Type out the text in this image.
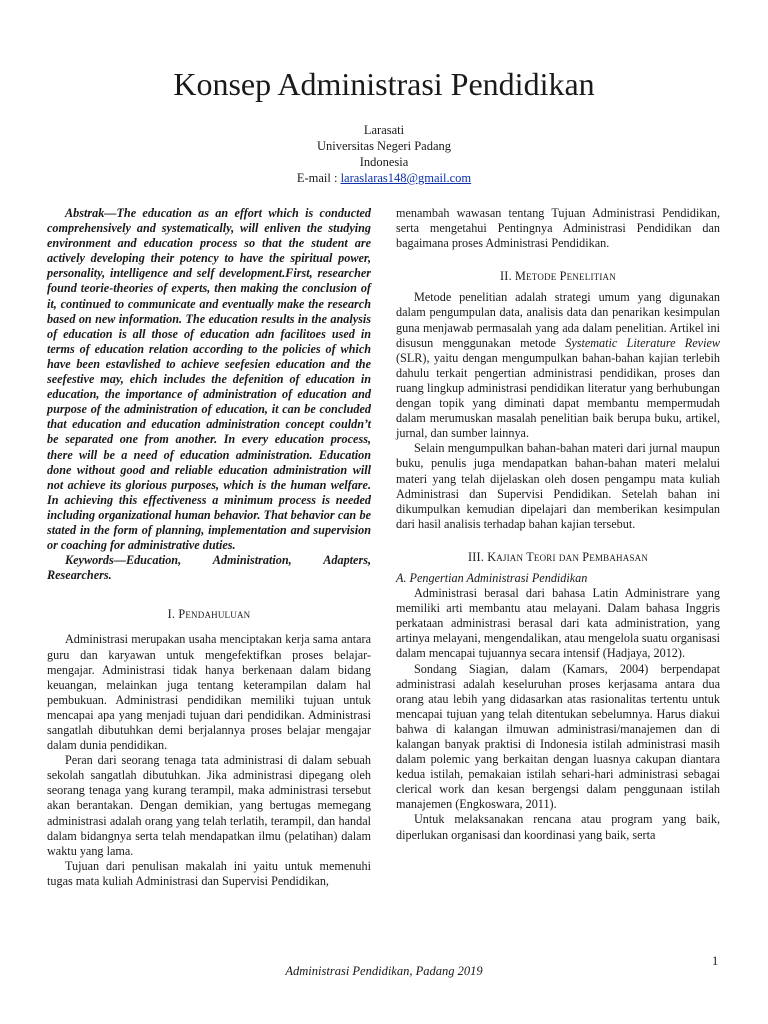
Konsep Administrasi Pendidikan
Larasati
Universitas Negeri Padang
Indonesia
E-mail : laraslaras148@gmail.com

Abstrak—The education as an effort which is conducted comprehensively and systematically, will enliven the studying environment and education process so that the student are actively developing their potency to have the spiritual power, personality, intelligence and self development.First, researcher found teorie-theories of experts, then making the conclusion of it, continued to communicate and eventually make the research based on new information. The education results in the analysis of education is all those of education adn facilitoes used in terms of education relation according to the policies of which have been estavlished to achieve seefesien education and the seefestive may, ehich includes the defenition of education in education, the importance of administration of education and purpose of the administration of education, it can be concluded that education and education administration concept couldn’t be separated one from another. In every education process, there will be a need of education administration. Education done without good and reliable education administration will not achieve its glorious purposes, which is the human welfare. In achieving this effectiveness a minimum process is needed including organizational human behavior. That behavior can be stated in the form of planning, implementation and supervision or coaching for administrative duties.

Keywords—Education, Administration, Adapters, Researchers.

I. Pendahuluan

Administrasi merupakan usaha menciptakan kerja sama antara guru dan karyawan untuk mengefektifkan proses belajar-mengajar. Administrasi tidak hanya berkenaan dalam bidang keuangan, melainkan juga tentang keterampilan dalam hal pembukuan. Administrasi pendidikan memiliki tujuan untuk mencapai apa yang menjadi tujuan dari pendidikan. Administrasi sangatlah dibutuhkan demi berjalannya proses belajar mengajar dalam dunia pendidikan.

Peran dari seorang tenaga tata administrasi di dalam sebuah sekolah sangatlah dibutuhkan. Jika administrasi dipegang oleh seorang tenaga yang kurang terampil, maka administrasi tersebut akan berantakan. Dengan demikian, yang bertugas memegang administrasi adalah orang yang telah terlatih, terampil, dan handal dalam bidangnya serta telah mendapatkan ilmu (pelatihan) dalam waktu yang lama.

Tujuan dari penulisan makalah ini yaitu untuk memenuhi tugas mata kuliah Administrasi dan Supervisi Pendidikan,

menambah wawasan tentang Tujuan Administrasi Pendidikan, serta mengetahui Pentingnya Administrasi Pendidikan dan bagaimana proses Administrasi Pendidikan.

II. Metode Penelitian

Metode penelitian adalah strategi umum yang digunakan dalam pengumpulan data, analisis data dan penarikan kesimpulan guna menjawab permasalah yang ada dalam penelitian. Artikel ini disusun menggunakan metode Systematic Literature Review (SLR), yaitu dengan mengumpulkan bahan-bahan kajian terlebih dahulu terkait pengertian administrasi pendidikan, proses dan ruang lingkup administrasi pendidikan literatur yang berhubungan dengan topik yang diminati dapat membantu mempermudah dalam merumuskan masalah penelitian baik berupa buku, artikel, jurnal, dan sumber lainnya.

Selain mengumpulkan bahan-bahan materi dari jurnal maupun buku, penulis juga mendapatkan bahan-bahan materi melalui materi yang telah dijelaskan oleh dosen pengampu mata kuliah Administrasi dan Supervisi Pendidikan. Setelah bahan ini dikumpulkan kemudian dipelajari dan memberikan kesimpulan dari hasil analisis terhadap bahan kajian tersebut.

III. Kajian Teori dan Pembahasan

A. Pengertian Administrasi Pendidikan

Administrasi berasal dari bahasa Latin Administrare yang memiliki arti membantu atau melayani. Dalam bahasa Inggris perkataan administrasi berasal dari kata administration, yang artinya melayani, mengendalikan, atau mengelola suatu organisasi dalam mencapai tujuannya secara intensif (Hadjaya, 2012).

Sondang Siagian, dalam (Kamars, 2004) berpendapat administrasi adalah keseluruhan proses kerjasama antara dua orang atau lebih yang didasarkan atas rasionalitas tertentu untuk mencapai tujuan yang telah ditentukan sebelumnya. Harus diakui bahwa di kalangan ilmuwan administrasi/manajemen dan di kalangan banyak praktisi di Indonesia istilah administrasi masih dalam polemic yang berkaitan dengan luasnya cakupan diantara kedua istilah, pemakaian istilah sehari-hari administrasi sebagai clerical work dan kesan bergengsi dalam penggunaan istilah manajemen (Engkoswara, 2011).

Untuk melaksanakan rencana atau program yang baik, diperlukan organisasi dan koordinasi yang baik, serta

1
Administrasi Pendidikan, Padang 2019
